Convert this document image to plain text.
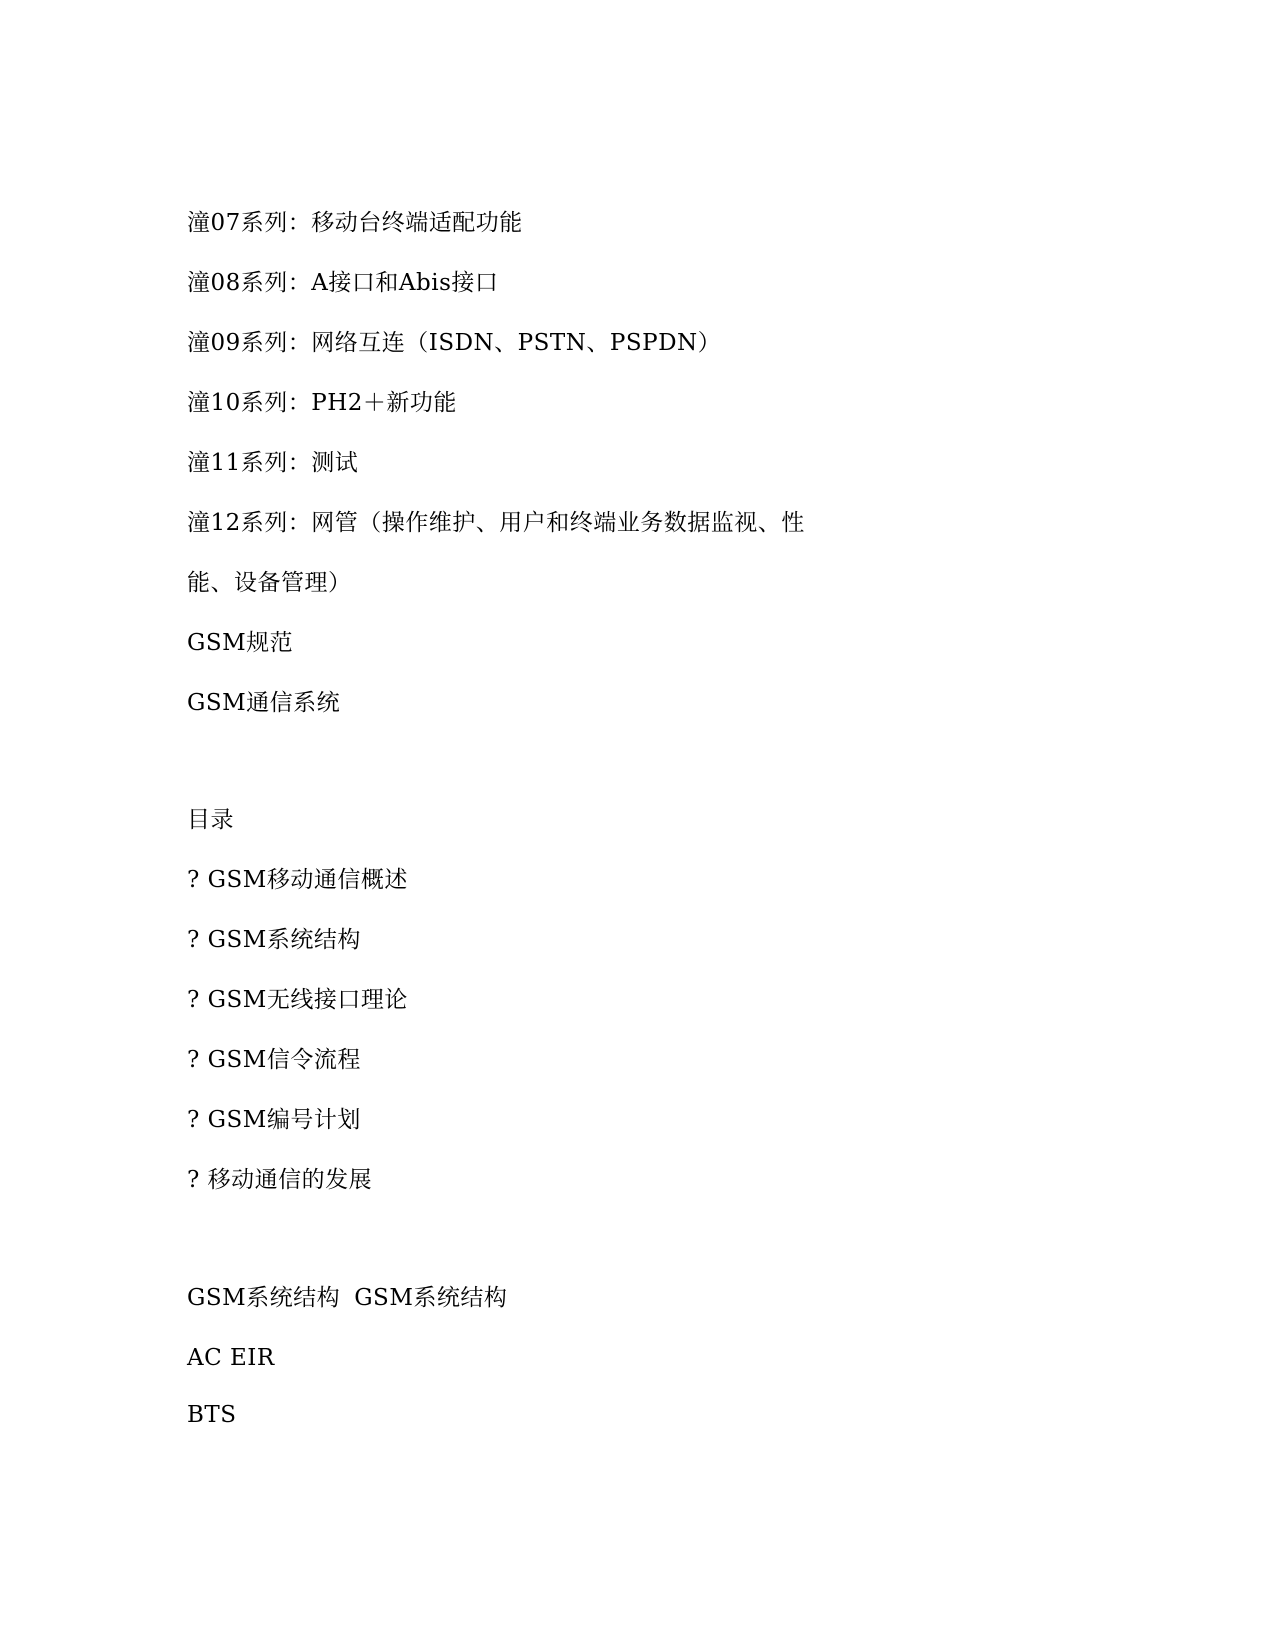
潼07系列：移动台终端适配功能
潼08系列：A接口和Abis接口
潼09系列：网络互连（ISDN、PSTN、PSPDN）
潼10系列：PH2＋新功能
潼11系列：测试
潼12系列：网管（操作维护、用户和终端业务数据监视、性
能、设备管理）
GSM规范
GSM通信系统
目录
? GSM移动通信概述
? GSM系统结构
? GSM无线接口理论
? GSM信令流程
? GSM编号计划
? 移动通信的发展
GSM系统结构 GSM系统结构
AC EIR
BTS
